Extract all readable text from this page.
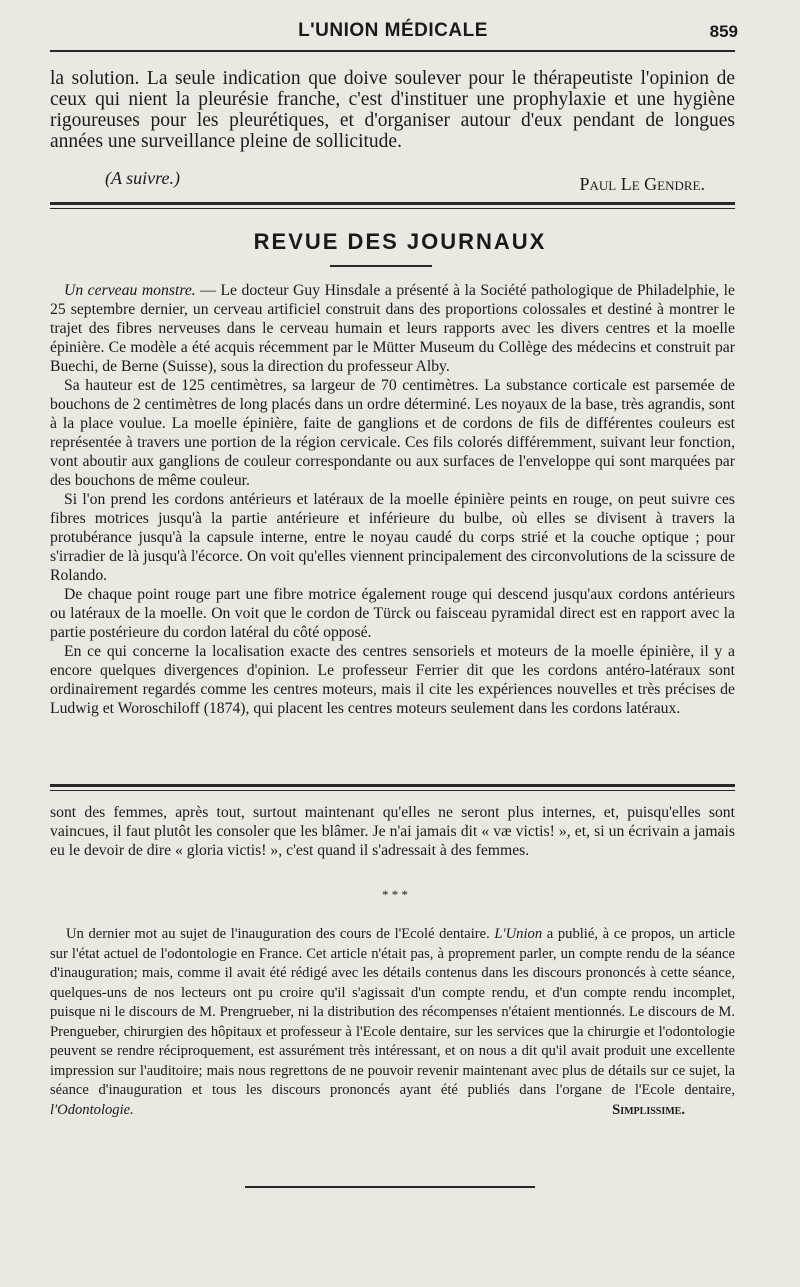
L'UNION MÉDICALE	859

la solution. La seule indication que doive soulever pour le thérapeutiste l'opinion de ceux qui nient la pleurésie franche, c'est d'instituer une prophylaxie et une hygiène rigoureuses pour les pleurétiques, et d'organiser autour d'eux pendant de longues années une surveillance pleine de sollicitude.

(A suivre.)	Paul Le Gendre.
REVUE DES JOURNAUX

Un cerveau monstre. — Le docteur Guy Hinsdale a présenté à la Société pathologique de Philadelphie, le 25 septembre dernier, un cerveau artificiel construit dans des proportions colossales et destiné à montrer le trajet des fibres nerveuses dans le cerveau humain et leurs rapports avec les divers centres et la moelle épinière. Ce modèle a été acquis récemment par le Mütter Museum du Collège des médecins et construit par Buechi, de Berne (Suisse), sous la direction du professeur Alby.

Sa hauteur est de 125 centimètres, sa largeur de 70 centimètres. La substance corticale est parsemée de bouchons de 2 centimètres de long placés dans un ordre déterminé. Les noyaux de la base, très agrandis, sont à la place voulue. La moelle épinière, faite de ganglions et de cordons de fils de différentes couleurs est représentée à travers une portion de la région cervicale. Ces fils colorés différemment, suivant leur fonction, vont aboutir aux ganglions de couleur correspondante ou aux surfaces de l'enveloppe qui sont marquées par des bouchons de même couleur.

Si l'on prend les cordons antérieurs et latéraux de la moelle épinière peints en rouge, on peut suivre ces fibres motrices jusqu'à la partie antérieure et inférieure du bulbe, où elles se divisent à travers la protubérance jusqu'à la capsule interne, entre le noyau caudé du corps strié et la couche optique ; pour s'irradier de là jusqu'à l'écorce. On voit qu'elles viennent principalement des circonvolutions de la scissure de Rolando.

De chaque point rouge part une fibre motrice également rouge qui descend jusqu'aux cordons antérieurs ou latéraux de la moelle. On voit que le cordon de Türck ou faisceau pyramidal direct est en rapport avec la partie postérieure du cordon latéral du côté opposé.

En ce qui concerne la localisation exacte des centres sensoriels et moteurs de la moelle épinière, il y a encore quelques divergences d'opinion. Le professeur Ferrier dit que les cordons antéro-latéraux sont ordinairement regardés comme les centres moteurs, mais il cite les expériences nouvelles et très précises de Ludwig et Woroschiloff (1874), qui placent les centres moteurs seulement dans les cordons latéraux.

sont des femmes, après tout, surtout maintenant qu'elles ne seront plus internes, et, puisqu'elles sont vaincues, il faut plutôt les consoler que les blâmer. Je n'ai jamais dit « væ victis! », et, si un écrivain a jamais eu le devoir de dire « gloria victis! », c'est quand il s'adressait à des femmes.

* * *

Un dernier mot au sujet de l'inauguration des cours de l'Ecolé dentaire. L'Union a publié, à ce propos, un article sur l'état actuel de l'odontologie en France. Cet article n'était pas, à proprement parler, un compte rendu de la séance d'inauguration; mais, comme il avait été rédigé avec les détails contenus dans les discours prononcés à cette séance, quelques-uns de nos lecteurs ont pu croire qu'il s'agissait d'un compte rendu, et d'un compte rendu incomplet, puisque ni le discours de M. Prengrueber, ni la distribution des récompenses n'étaient mentionnés. Le discours de M. Prengueber, chirurgien des hôpitaux et professeur à l'Ecole dentaire, sur les services que la chirurgie et l'odontologie peuvent se rendre réciproquement, est assurément très intéressant, et on nous a dit qu'il avait produit une excellente impression sur l'auditoire; mais nous regrettons de ne pouvoir revenir maintenant avec plus de détails sur ce sujet, la séance d'inauguration et tous les discours prononcés ayant été publiés dans l'organe de l'Ecole dentaire, l'Odontologie.	Simplissime.
